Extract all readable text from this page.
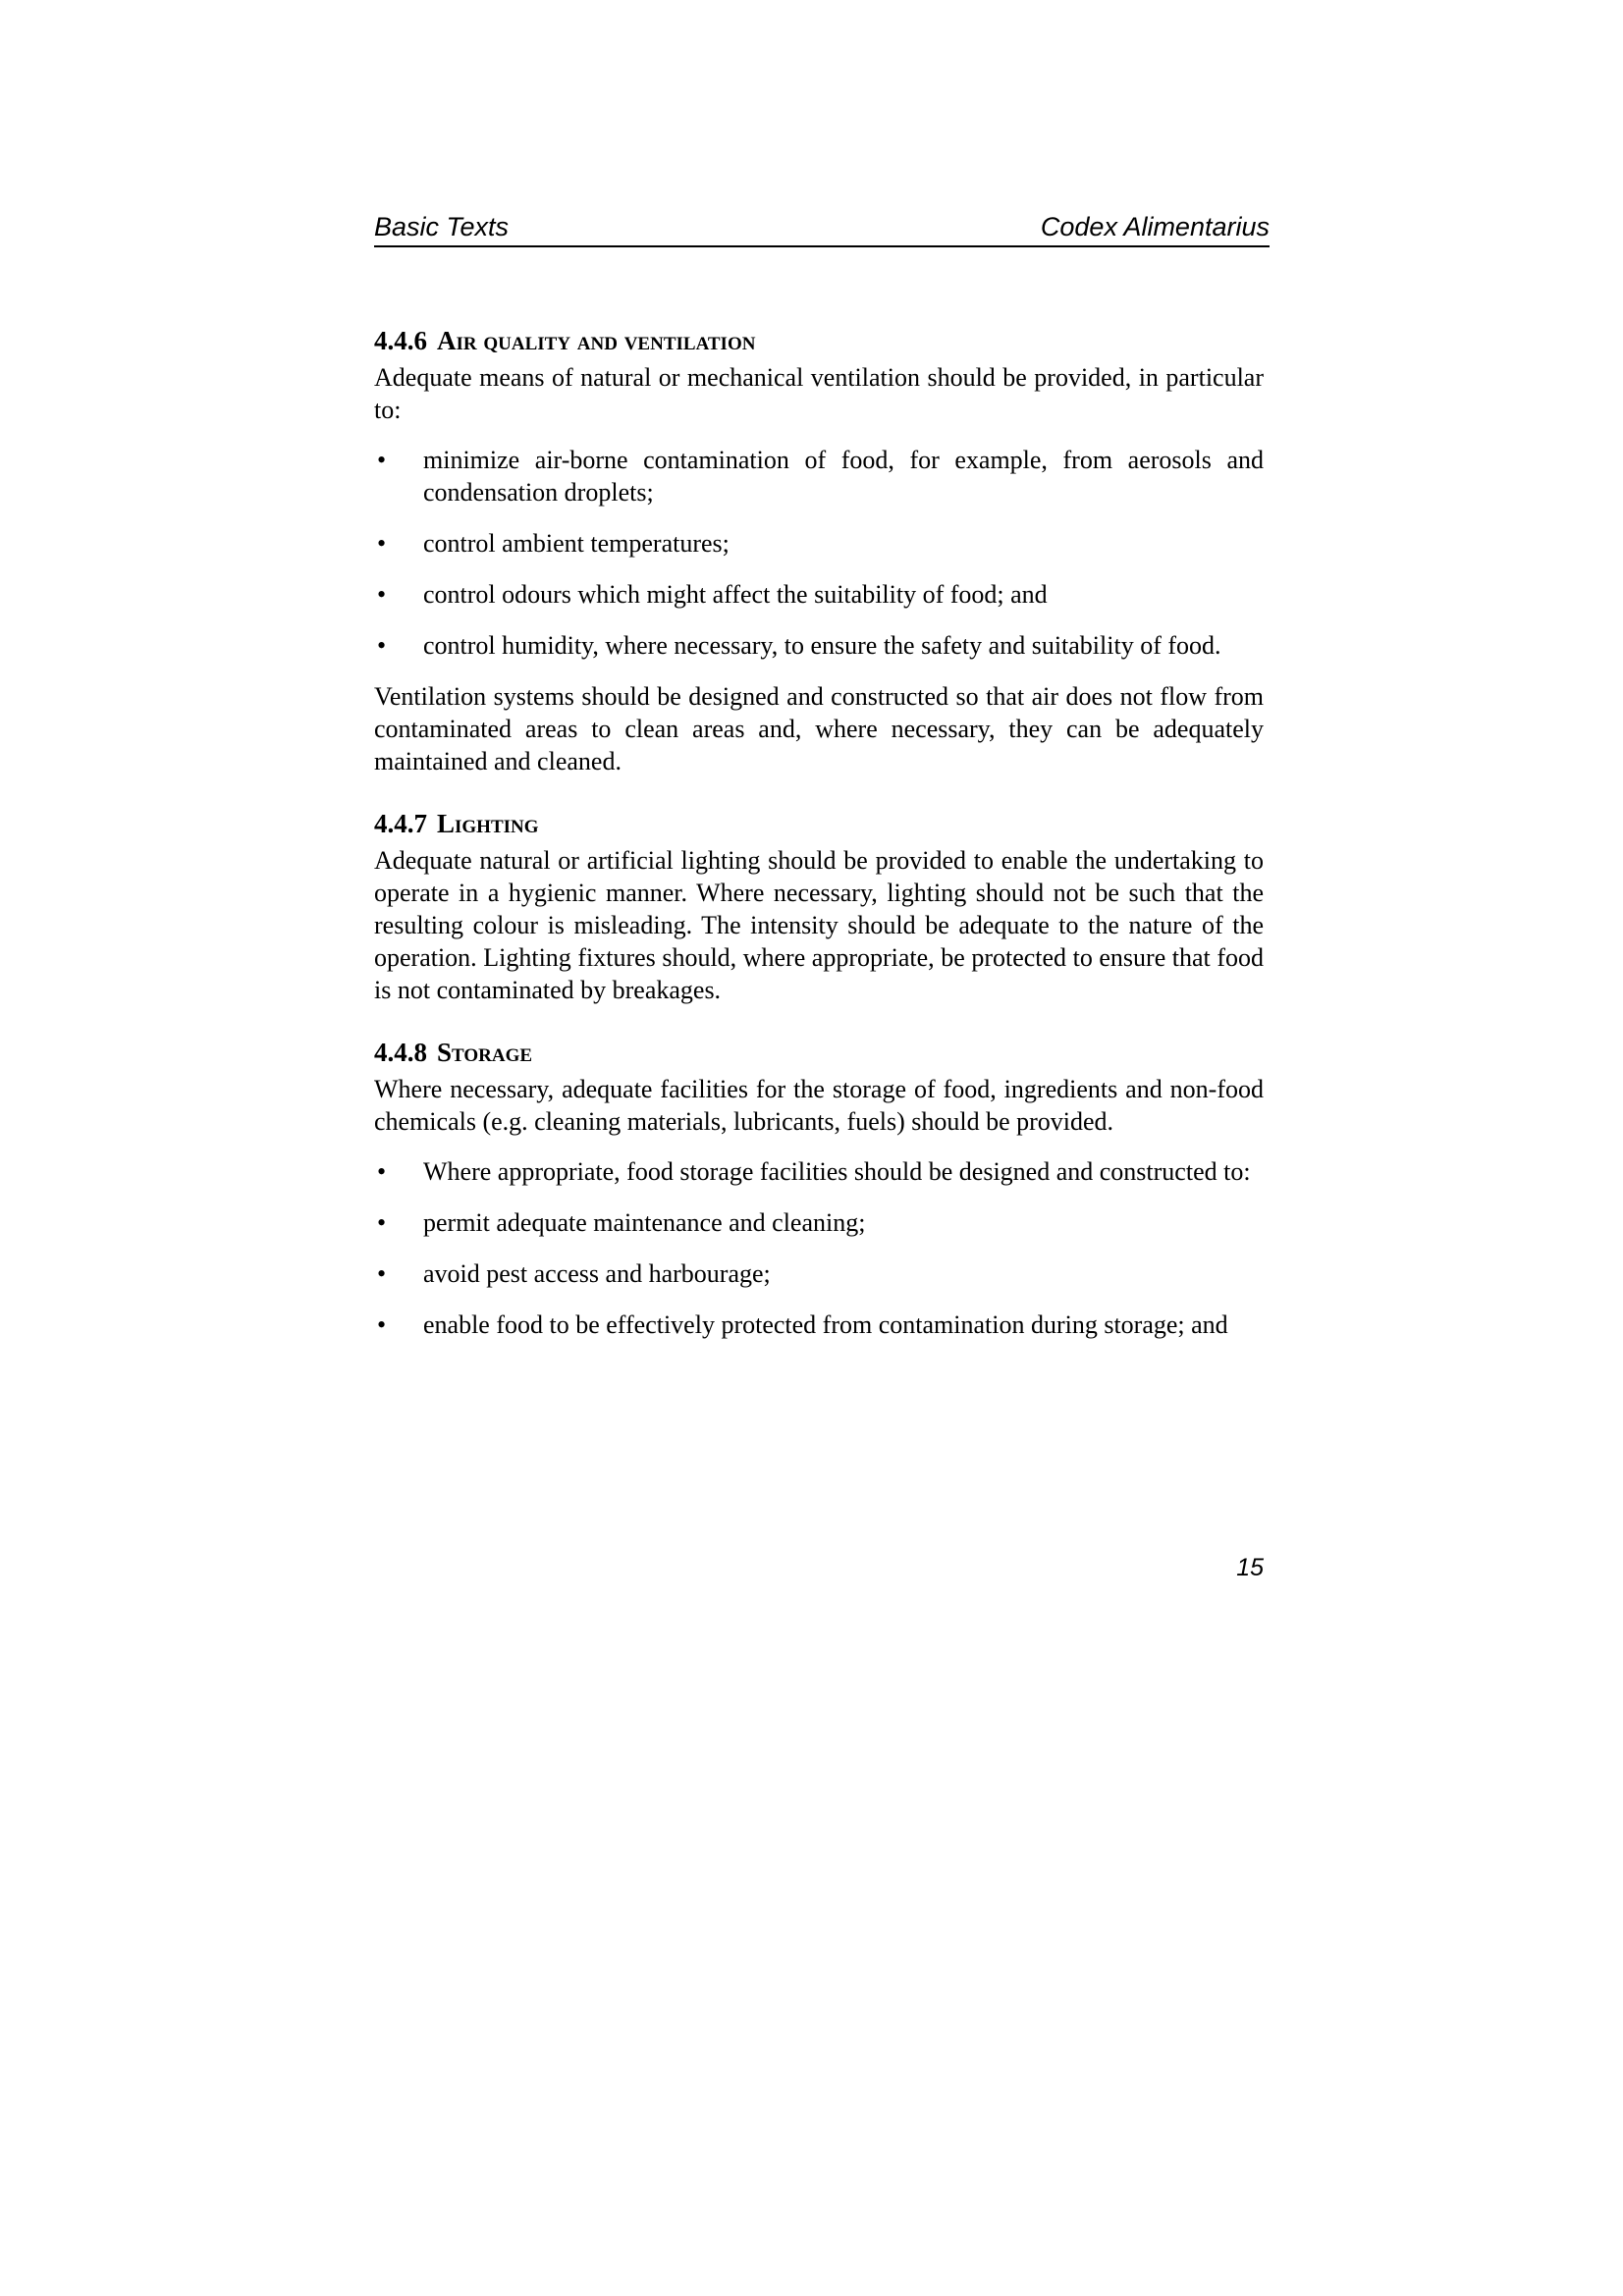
Basic Texts	Codex Alimentarius
4.4.6 Air quality and ventilation

Adequate means of natural or mechanical ventilation should be provided, in particular to:

• minimize air-borne contamination of food, for example, from aerosols and condensation droplets;
• control ambient temperatures;
• control odours which might affect the suitability of food; and
• control humidity, where necessary, to ensure the safety and suitability of food.

Ventilation systems should be designed and constructed so that air does not flow from contaminated areas to clean areas and, where necessary, they can be adequately maintained and cleaned.

4.4.7 Lighting

Adequate natural or artificial lighting should be provided to enable the undertaking to operate in a hygienic manner. Where necessary, lighting should not be such that the resulting colour is misleading. The intensity should be adequate to the nature of the operation. Lighting fixtures should, where appropriate, be protected to ensure that food is not contaminated by breakages.

4.4.8 Storage

Where necessary, adequate facilities for the storage of food, ingredients and non-food chemicals (e.g. cleaning materials, lubricants, fuels) should be provided.

• Where appropriate, food storage facilities should be designed and constructed to:
• permit adequate maintenance and cleaning;
• avoid pest access and harbourage;
• enable food to be effectively protected from contamination during storage; and
15
